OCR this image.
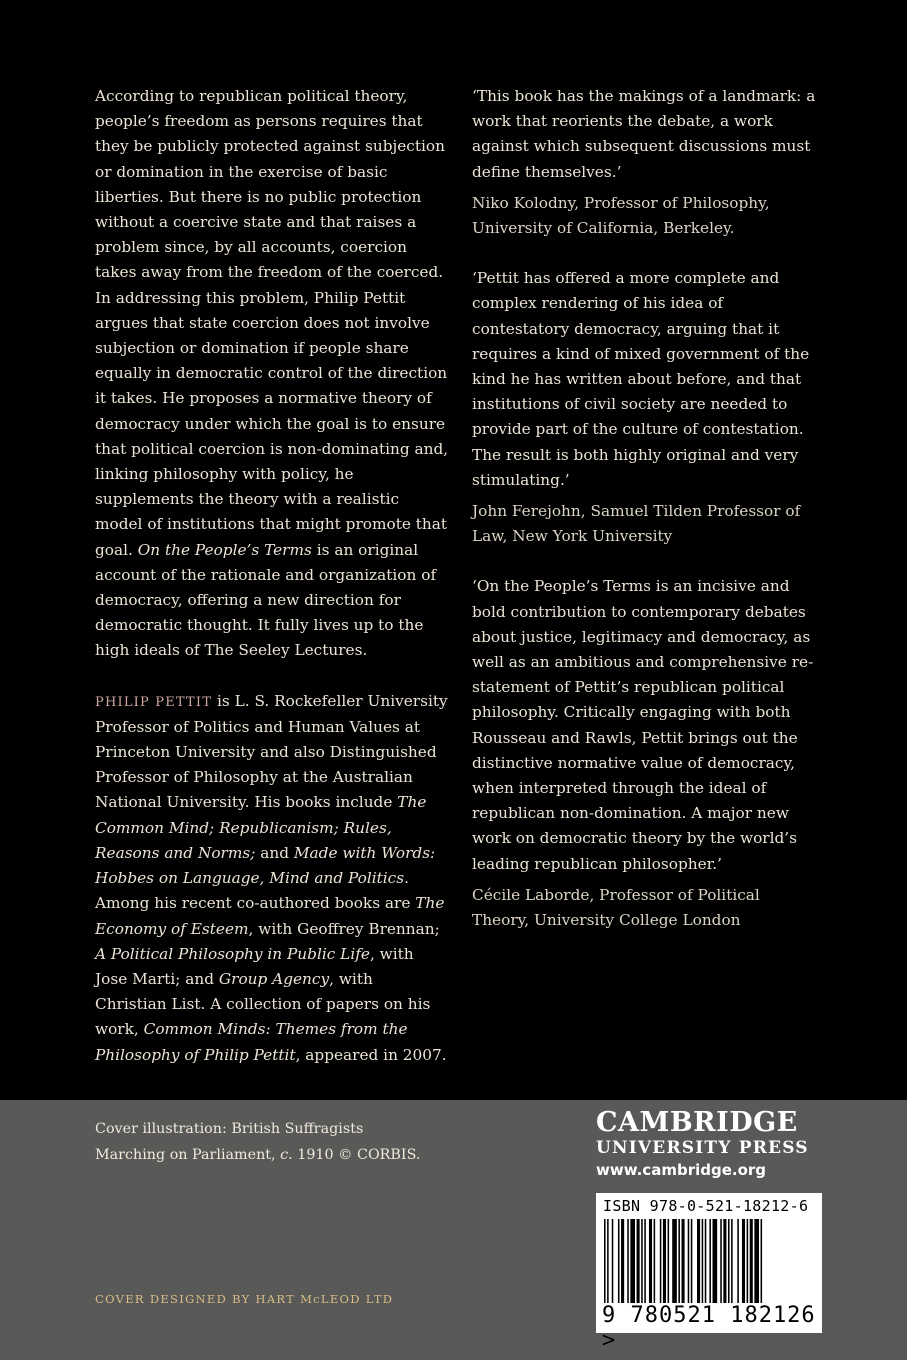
According to republican political theory, people’s freedom as persons requires that they be publicly protected against subjection or domination in the exercise of basic liberties. But there is no public protection without a coercive state and that raises a problem since, by all accounts, coercion takes away from the freedom of the coerced. In addressing this problem, Philip Pettit argues that state coercion does not involve subjection or domination if people share equally in democratic control of the direction it takes. He proposes a normative theory of democracy under which the goal is to ensure that political coercion is non-dominating and, linking philosophy with policy, he supplements the theory with a realistic model of institutions that might promote that goal. On the People’s Terms is an original account of the rationale and organization of democracy, offering a new direction for democratic thought. It fully lives up to the high ideals of The Seeley Lectures.

PHILIP PETTIT is L. S. Rockefeller University Professor of Politics and Human Values at Princeton University and also Distinguished Professor of Philosophy at the Australian National University. His books include The Common Mind; Republicanism; Rules, Reasons and Norms; and Made with Words: Hobbes on Language, Mind and Politics. Among his recent co-authored books are The Economy of Esteem, with Geoffrey Brennan; A Political Philosophy in Public Life, with Jose Marti; and Group Agency, with Christian List. A collection of papers on his work, Common Minds: Themes from the Philosophy of Philip Pettit, appeared in 2007.

‘This book has the makings of a landmark: a work that reorients the debate, a work against which subsequent discussions must define themselves.’

Niko Kolodny, Professor of Philosophy, University of California, Berkeley.

‘Pettit has offered a more complete and complex rendering of his idea of contestatory democracy, arguing that it requires a kind of mixed government of the kind he has written about before, and that institutions of civil society are needed to provide part of the culture of contestation. The result is both highly original and very stimulating.’

John Ferejohn, Samuel Tilden Professor of Law, New York University

‘On the People’s Terms is an incisive and bold contribution to contemporary debates about justice, legitimacy and democracy, as well as an ambitious and comprehensive re-statement of Pettit’s republican political philosophy. Critically engaging with both Rousseau and Rawls, Pettit brings out the distinctive normative value of democracy, when interpreted through the ideal of republican non-domination. A major new work on democratic theory by the world’s leading republican philosopher.’

Cécile Laborde, Professor of Political Theory, University College London

Cover illustration: British Suffragists

Marching on Parliament, c. 1910 © CORBIS.

COVER DESIGNED BY HART McLEOD LTD
CAMBRIDGE
UNIVERSITY PRESS
www.cambridge.org
ISBN 978-0-521-18212-6
9 780521 182126 >
